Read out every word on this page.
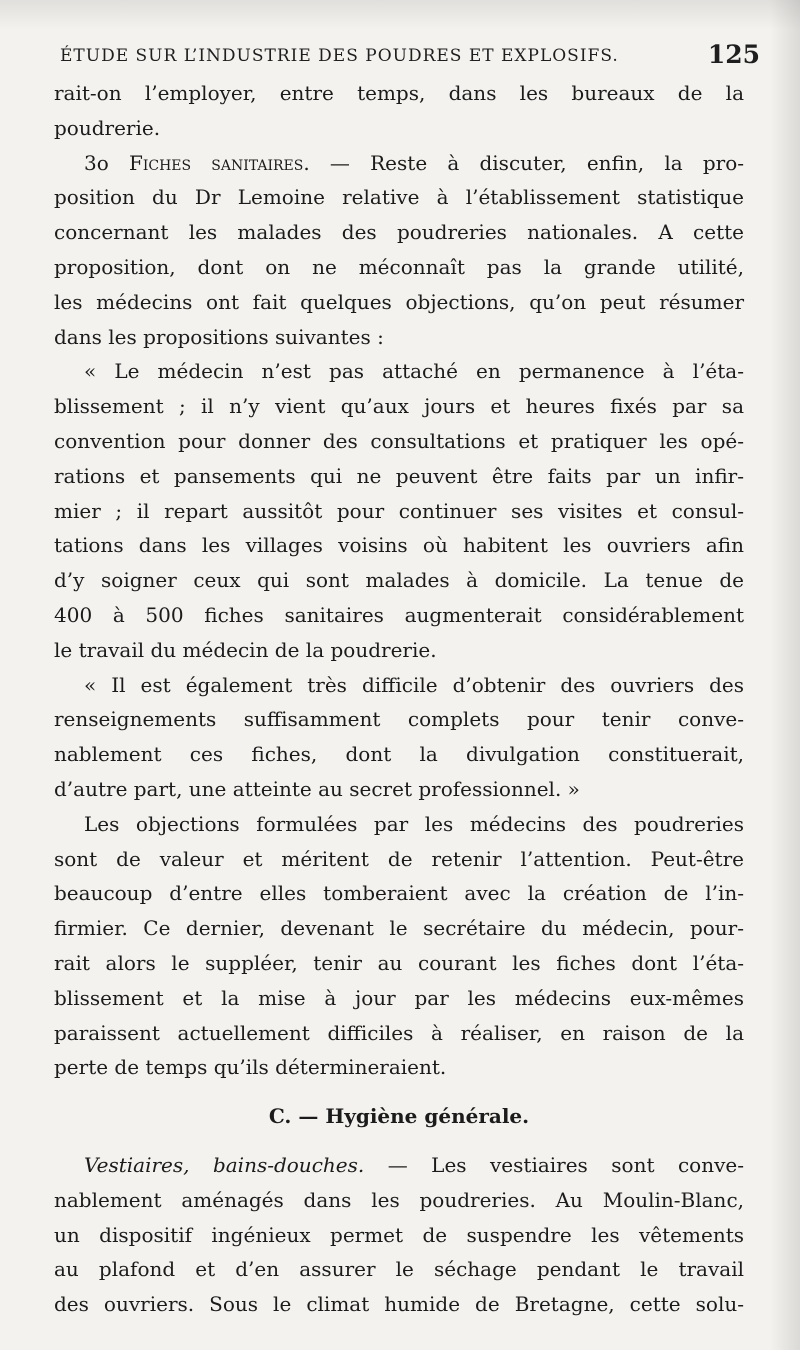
ÉTUDE SUR L’INDUSTRIE DES POUDRES ET EXPLOSIFS.	125
rait-on l’employer, entre temps, dans les bureaux de la
poudrerie.
3o Fiches sanitaires. — Reste à discuter, enfin, la pro-
position du Dr Lemoine relative à l’établissement statistique
concernant les malades des poudreries nationales. A cette
proposition, dont on ne méconnaît pas la grande utilité,
les médecins ont fait quelques objections, qu’on peut résumer
dans les propositions suivantes :
« Le médecin n’est pas attaché en permanence à l’éta-
blissement ; il n’y vient qu’aux jours et heures fixés par sa
convention pour donner des consultations et pratiquer les opé-
rations et pansements qui ne peuvent être faits par un infir-
mier ; il repart aussitôt pour continuer ses visites et consul-
tations dans les villages voisins où habitent les ouvriers afin
d’y soigner ceux qui sont malades à domicile. La tenue de
400 à 500 fiches sanitaires augmenterait considérablement
le travail du médecin de la poudrerie.
« Il est également très difficile d’obtenir des ouvriers des
renseignements suffisamment complets pour tenir conve-
nablement ces fiches, dont la divulgation constituerait,
d’autre part, une atteinte au secret professionnel. »
Les objections formulées par les médecins des poudreries
sont de valeur et méritent de retenir l’attention. Peut-être
beaucoup d’entre elles tomberaient avec la création de l’in-
firmier. Ce dernier, devenant le secrétaire du médecin, pour-
rait alors le suppléer, tenir au courant les fiches dont l’éta-
blissement et la mise à jour par les médecins eux-mêmes
paraissent actuellement difficiles à réaliser, en raison de la
perte de temps qu’ils détermineraient.
C. — Hygiène générale.
Vestiaires, bains-douches. — Les vestiaires sont conve-
nablement aménagés dans les poudreries. Au Moulin-Blanc,
un dispositif ingénieux permet de suspendre les vêtements
au plafond et d’en assurer le séchage pendant le travail
des ouvriers. Sous le climat humide de Bretagne, cette solu-
